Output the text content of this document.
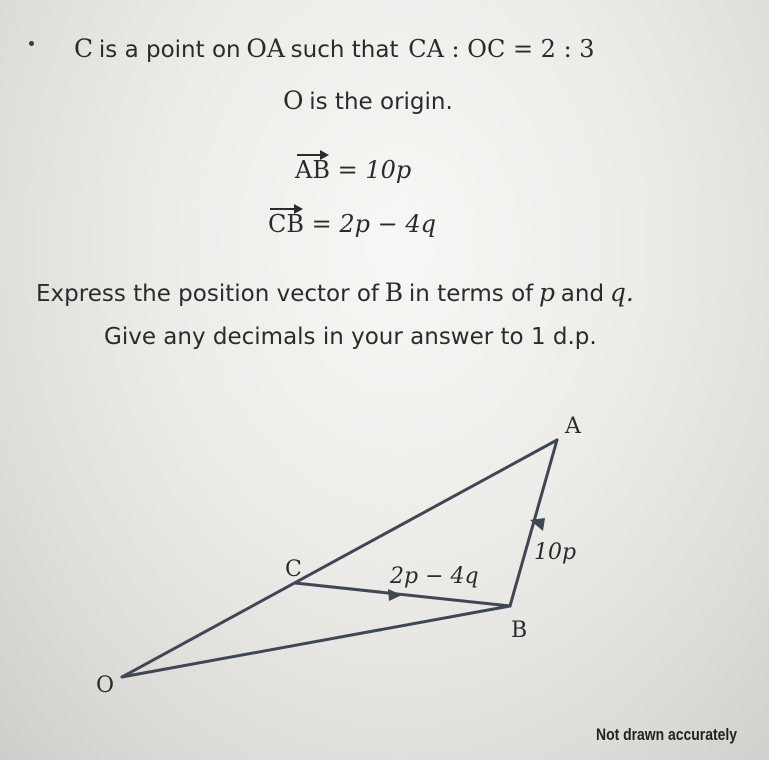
C is a point on OA such that CA : OC = 2 : 3
O is the origin.
AB = 10p
CB = 2p − 4q
Express the position vector of B in terms of p and q.
Give any decimals in your answer to 1 d.p.
A
B
C
O
10p
2p − 4q
Not drawn accurately
